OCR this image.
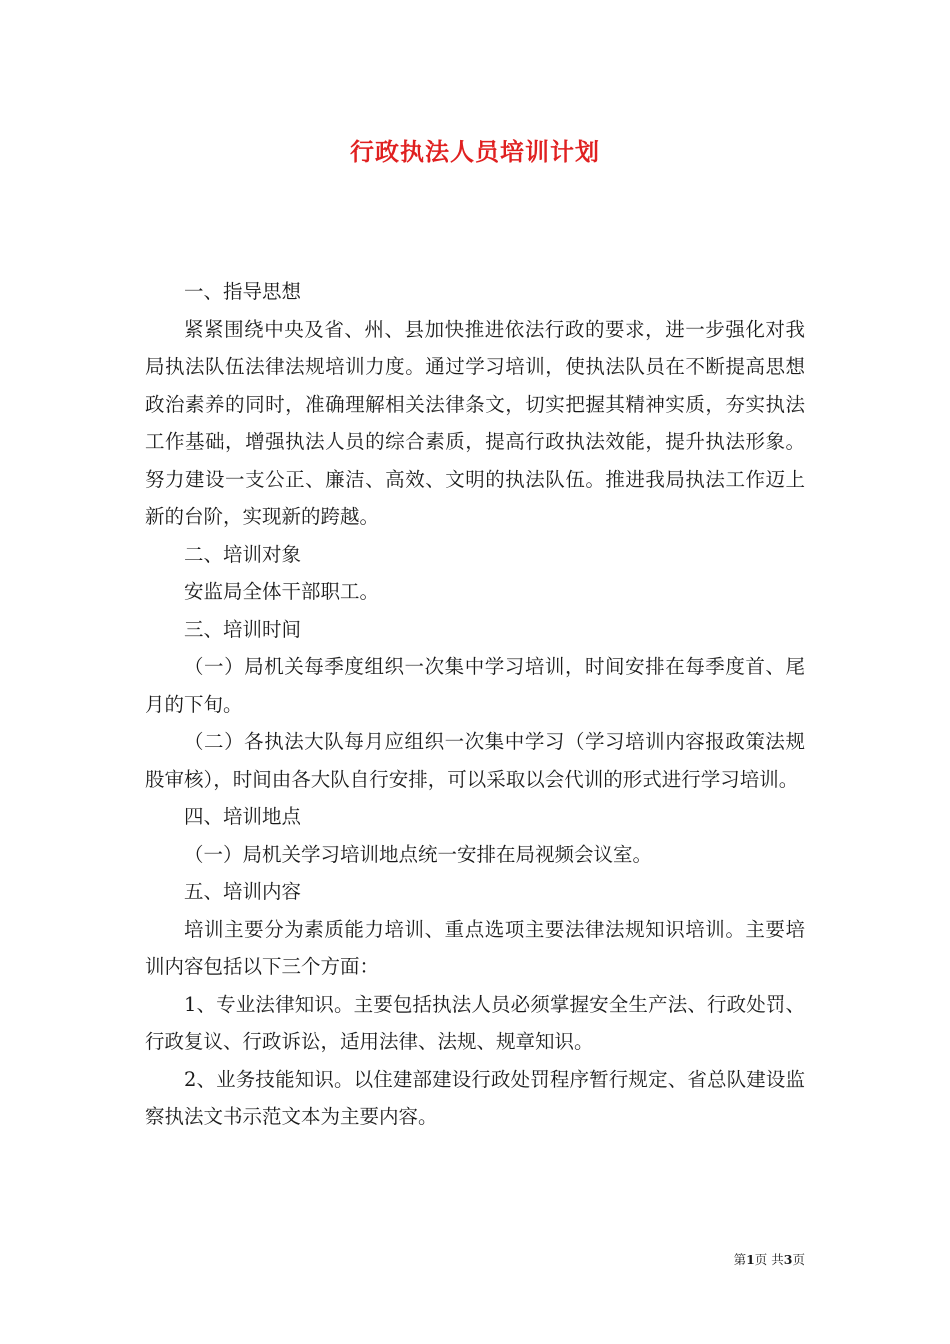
行政执法人员培训计划

一、指导思想

紧紧围绕中央及省、州、县加快推进依法行政的要求，进一步强化对我局执法队伍法律法规培训力度。通过学习培训，使执法队员在不断提高思想政治素养的同时，准确理解相关法律条文，切实把握其精神实质，夯实执法工作基础，增强执法人员的综合素质，提高行政执法效能，提升执法形象。努力建设一支公正、廉洁、高效、文明的执法队伍。推进我局执法工作迈上新的台阶，实现新的跨越。

二、培训对象

安监局全体干部职工。

三、培训时间

（一）局机关每季度组织一次集中学习培训，时间安排在每季度首、尾月的下旬。

（二）各执法大队每月应组织一次集中学习（学习培训内容报政策法规股审核），时间由各大队自行安排，可以采取以会代训的形式进行学习培训。

四、培训地点

（一）局机关学习培训地点统一安排在局视频会议室。

五、培训内容

培训主要分为素质能力培训、重点选项主要法律法规知识培训。主要培训内容包括以下三个方面：

1、专业法律知识。主要包括执法人员必须掌握安全生产法、行政处罚、行政复议、行政诉讼，适用法律、法规、规章知识。

2、业务技能知识。以住建部建设行政处罚程序暂行规定、省总队建设监察执法文书示范文本为主要内容。

第1页 共3页
